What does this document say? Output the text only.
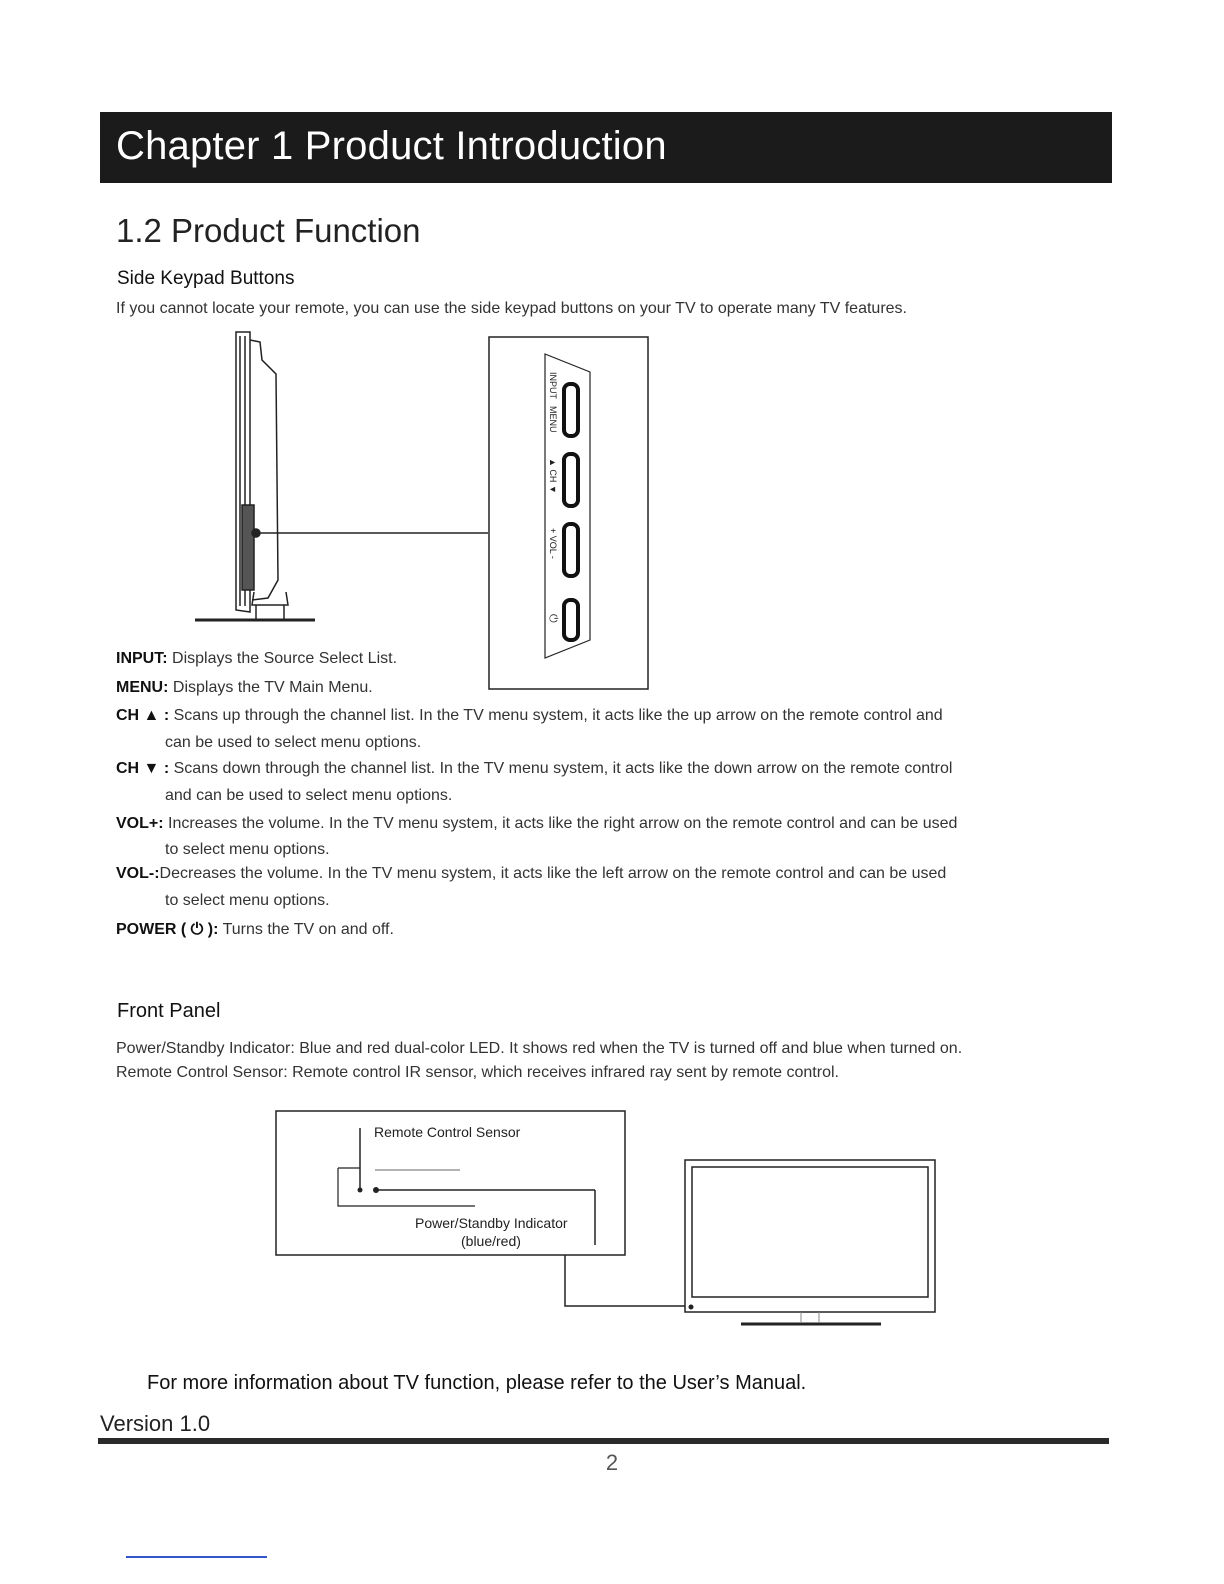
Chapter 1 Product Introduction
1.2 Product Function
Side Keypad Buttons
If you cannot locate your remote, you can use the side keypad buttons on your TV to operate many TV features.
INPUT
MENU
▲ CH ▼
+ VOL -
⏻
INPUT: Displays the Source Select List.
MENU: Displays the TV Main Menu.
CH ▲ : Scans up through the channel list. In the TV menu system, it acts like the up arrow on the remote control and
can be used to select menu options.
CH ▼ : Scans down through the channel list. In the TV menu system, it acts like the down arrow on the remote control
and can be used to select menu options.
VOL+: Increases the volume. In the TV menu system, it acts like the right arrow on the remote control and can be used
to select menu options.
VOL-:Decreases the volume. In the TV menu system, it acts like the left arrow on the remote control and can be used
to select menu options.
POWER ( ⏻ ): Turns the TV on and off.
Front Panel
Power/Standby Indicator: Blue and red dual-color LED. It shows red when the TV is turned off and blue when turned on.
Remote Control Sensor: Remote control IR sensor, which receives infrared ray sent by remote control.
Remote Control Sensor
Power/Standby Indicator
(blue/red)
For more information about TV function, please refer to the User’s Manual.
Version 1.0
2
